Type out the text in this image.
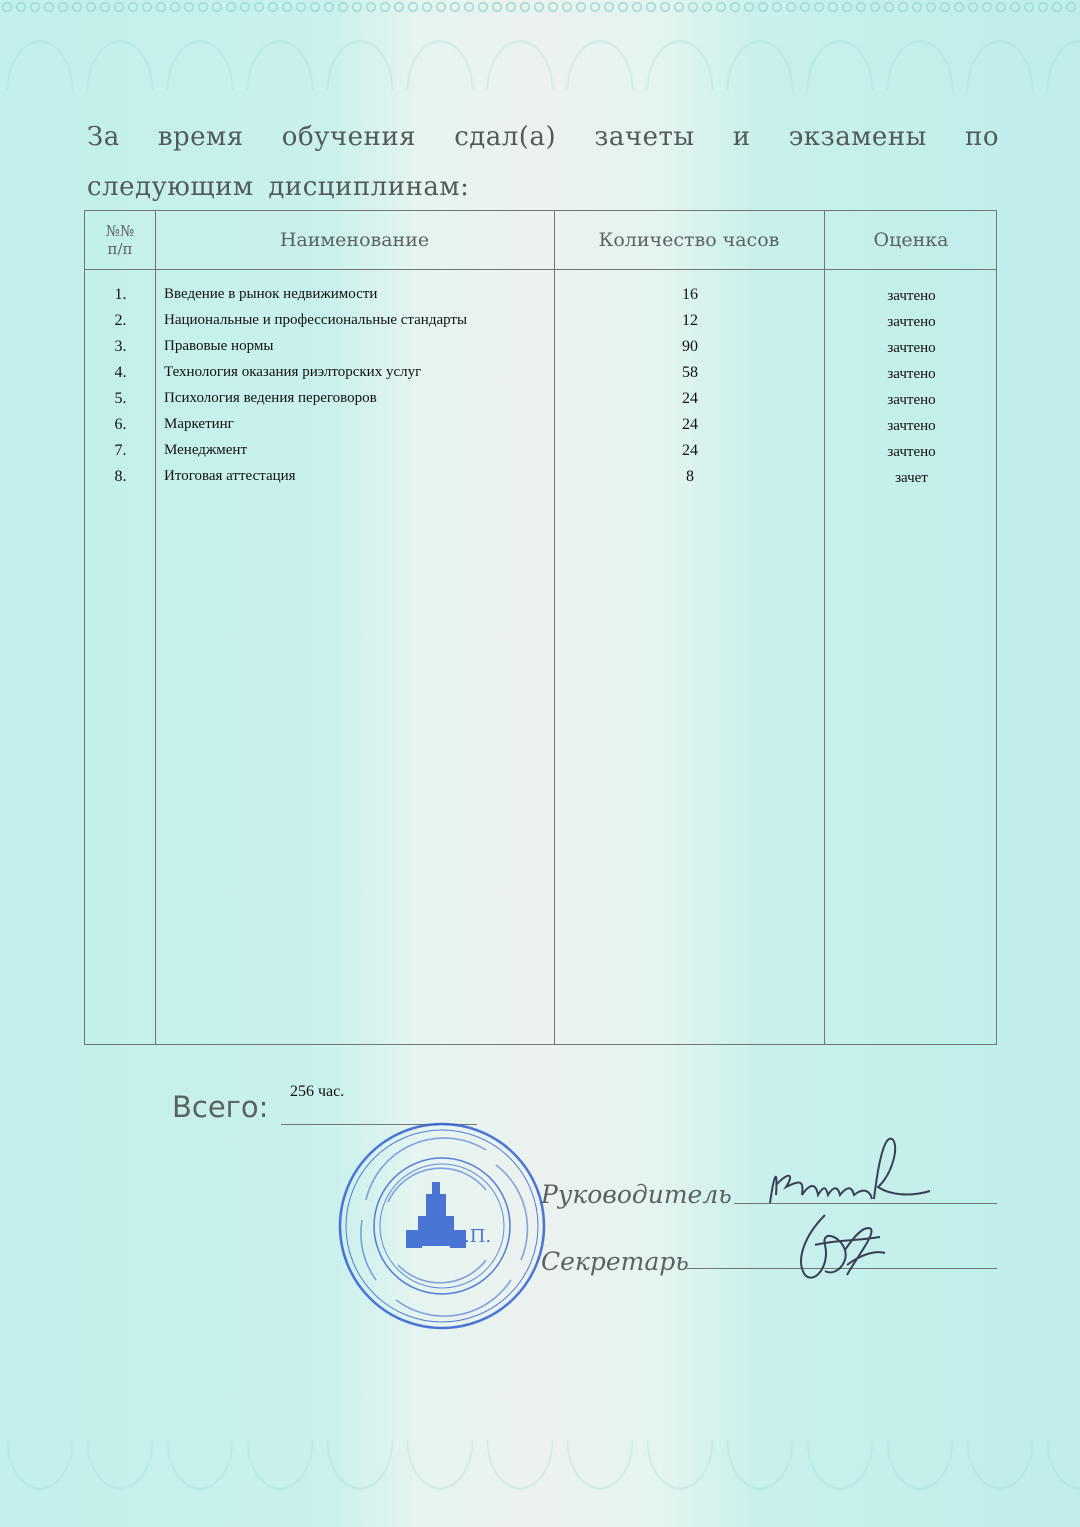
За время обучения сдал(а) зачеты и экзамены по следующим дисциплинам:
№№
п/п	Наименование	Количество часов	Оценка
1.	Введение в рынок недвижимости	16	зачтено
2.	Национальные и профессиональные стандарты	12	зачтено
3.	Правовые нормы	90	зачтено
4.	Технология оказания риэлторских услуг	58	зачтено
5.	Психология ведения переговоров	24	зачтено
6.	Маркетинг	24	зачтено
7.	Менеджмент	24	зачтено
8.	Итоговая аттестация	8	зачет
Всего: 256 час.
.П.
Руководитель
Секретарь
